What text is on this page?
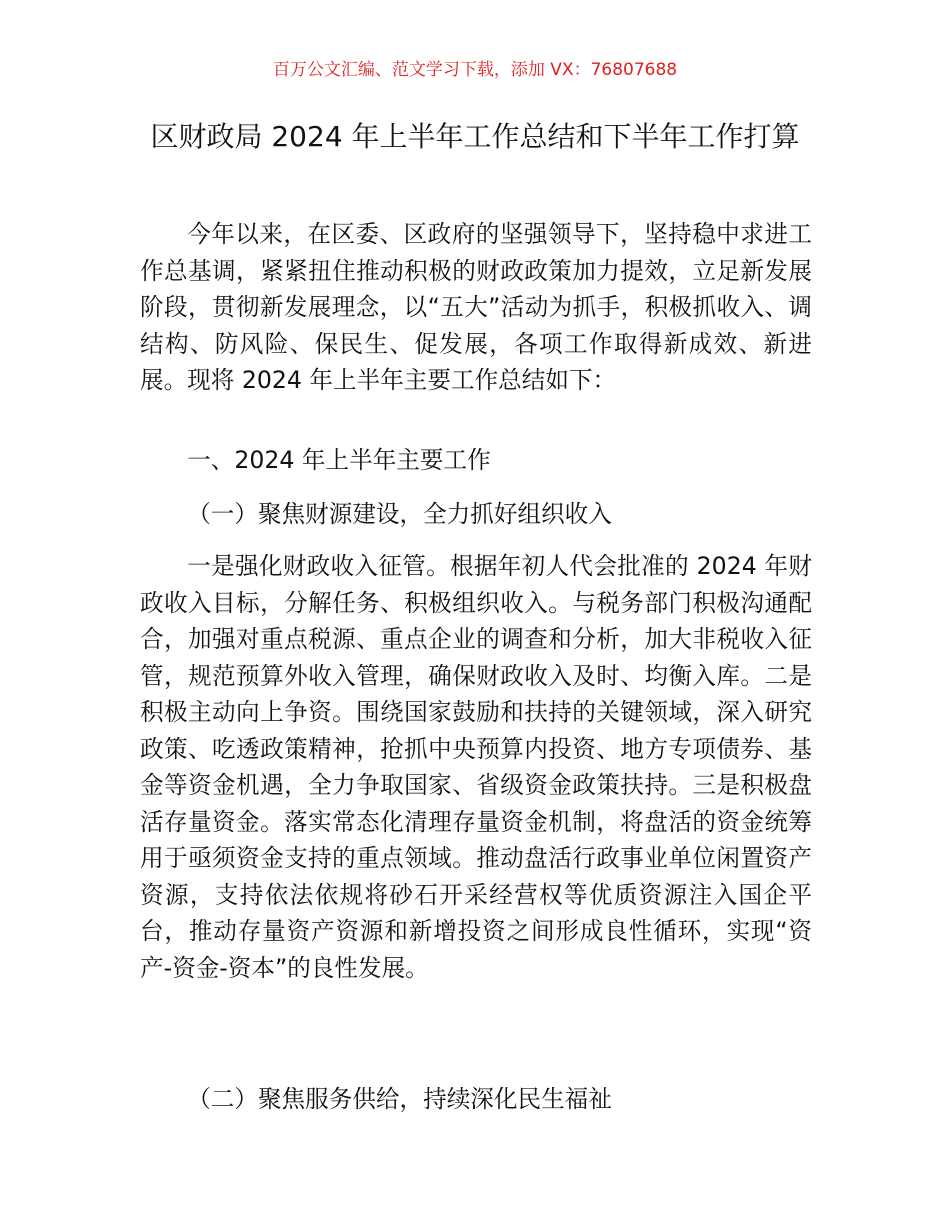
百万公文汇编、范文学习下载，添加 VX：76807688
区财政局 2024 年上半年工作总结和下半年工作打算
今年以来，在区委、区政府的坚强领导下，坚持稳中求进工作总基调，紧紧扭住推动积极的财政政策加力提效，立足新发展阶段，贯彻新发展理念，以“五大”活动为抓手，积极抓收入、调结构、防风险、保民生、促发展，各项工作取得新成效、新进展。现将 2024 年上半年主要工作总结如下：
一、2024 年上半年主要工作
（一）聚焦财源建设，全力抓好组织收入
一是强化财政收入征管。根据年初人代会批准的 2024 年财政收入目标，分解任务、积极组织收入。与税务部门积极沟通配合，加强对重点税源、重点企业的调查和分析，加大非税收入征管，规范预算外收入管理，确保财政收入及时、均衡入库。二是积极主动向上争资。围绕国家鼓励和扶持的关键领域，深入研究政策、吃透政策精神，抢抓中央预算内投资、地方专项债券、基金等资金机遇，全力争取国家、省级资金政策扶持。三是积极盘活存量资金。落实常态化清理存量资金机制，将盘活的资金统筹用于亟须资金支持的重点领域。推动盘活行政事业单位闲置资产资源，支持依法依规将砂石开采经营权等优质资源注入国企平台，推动存量资产资源和新增投资之间形成良性循环，实现“资产-资金-资本”的良性发展。
（二）聚焦服务供给，持续深化民生福祉
